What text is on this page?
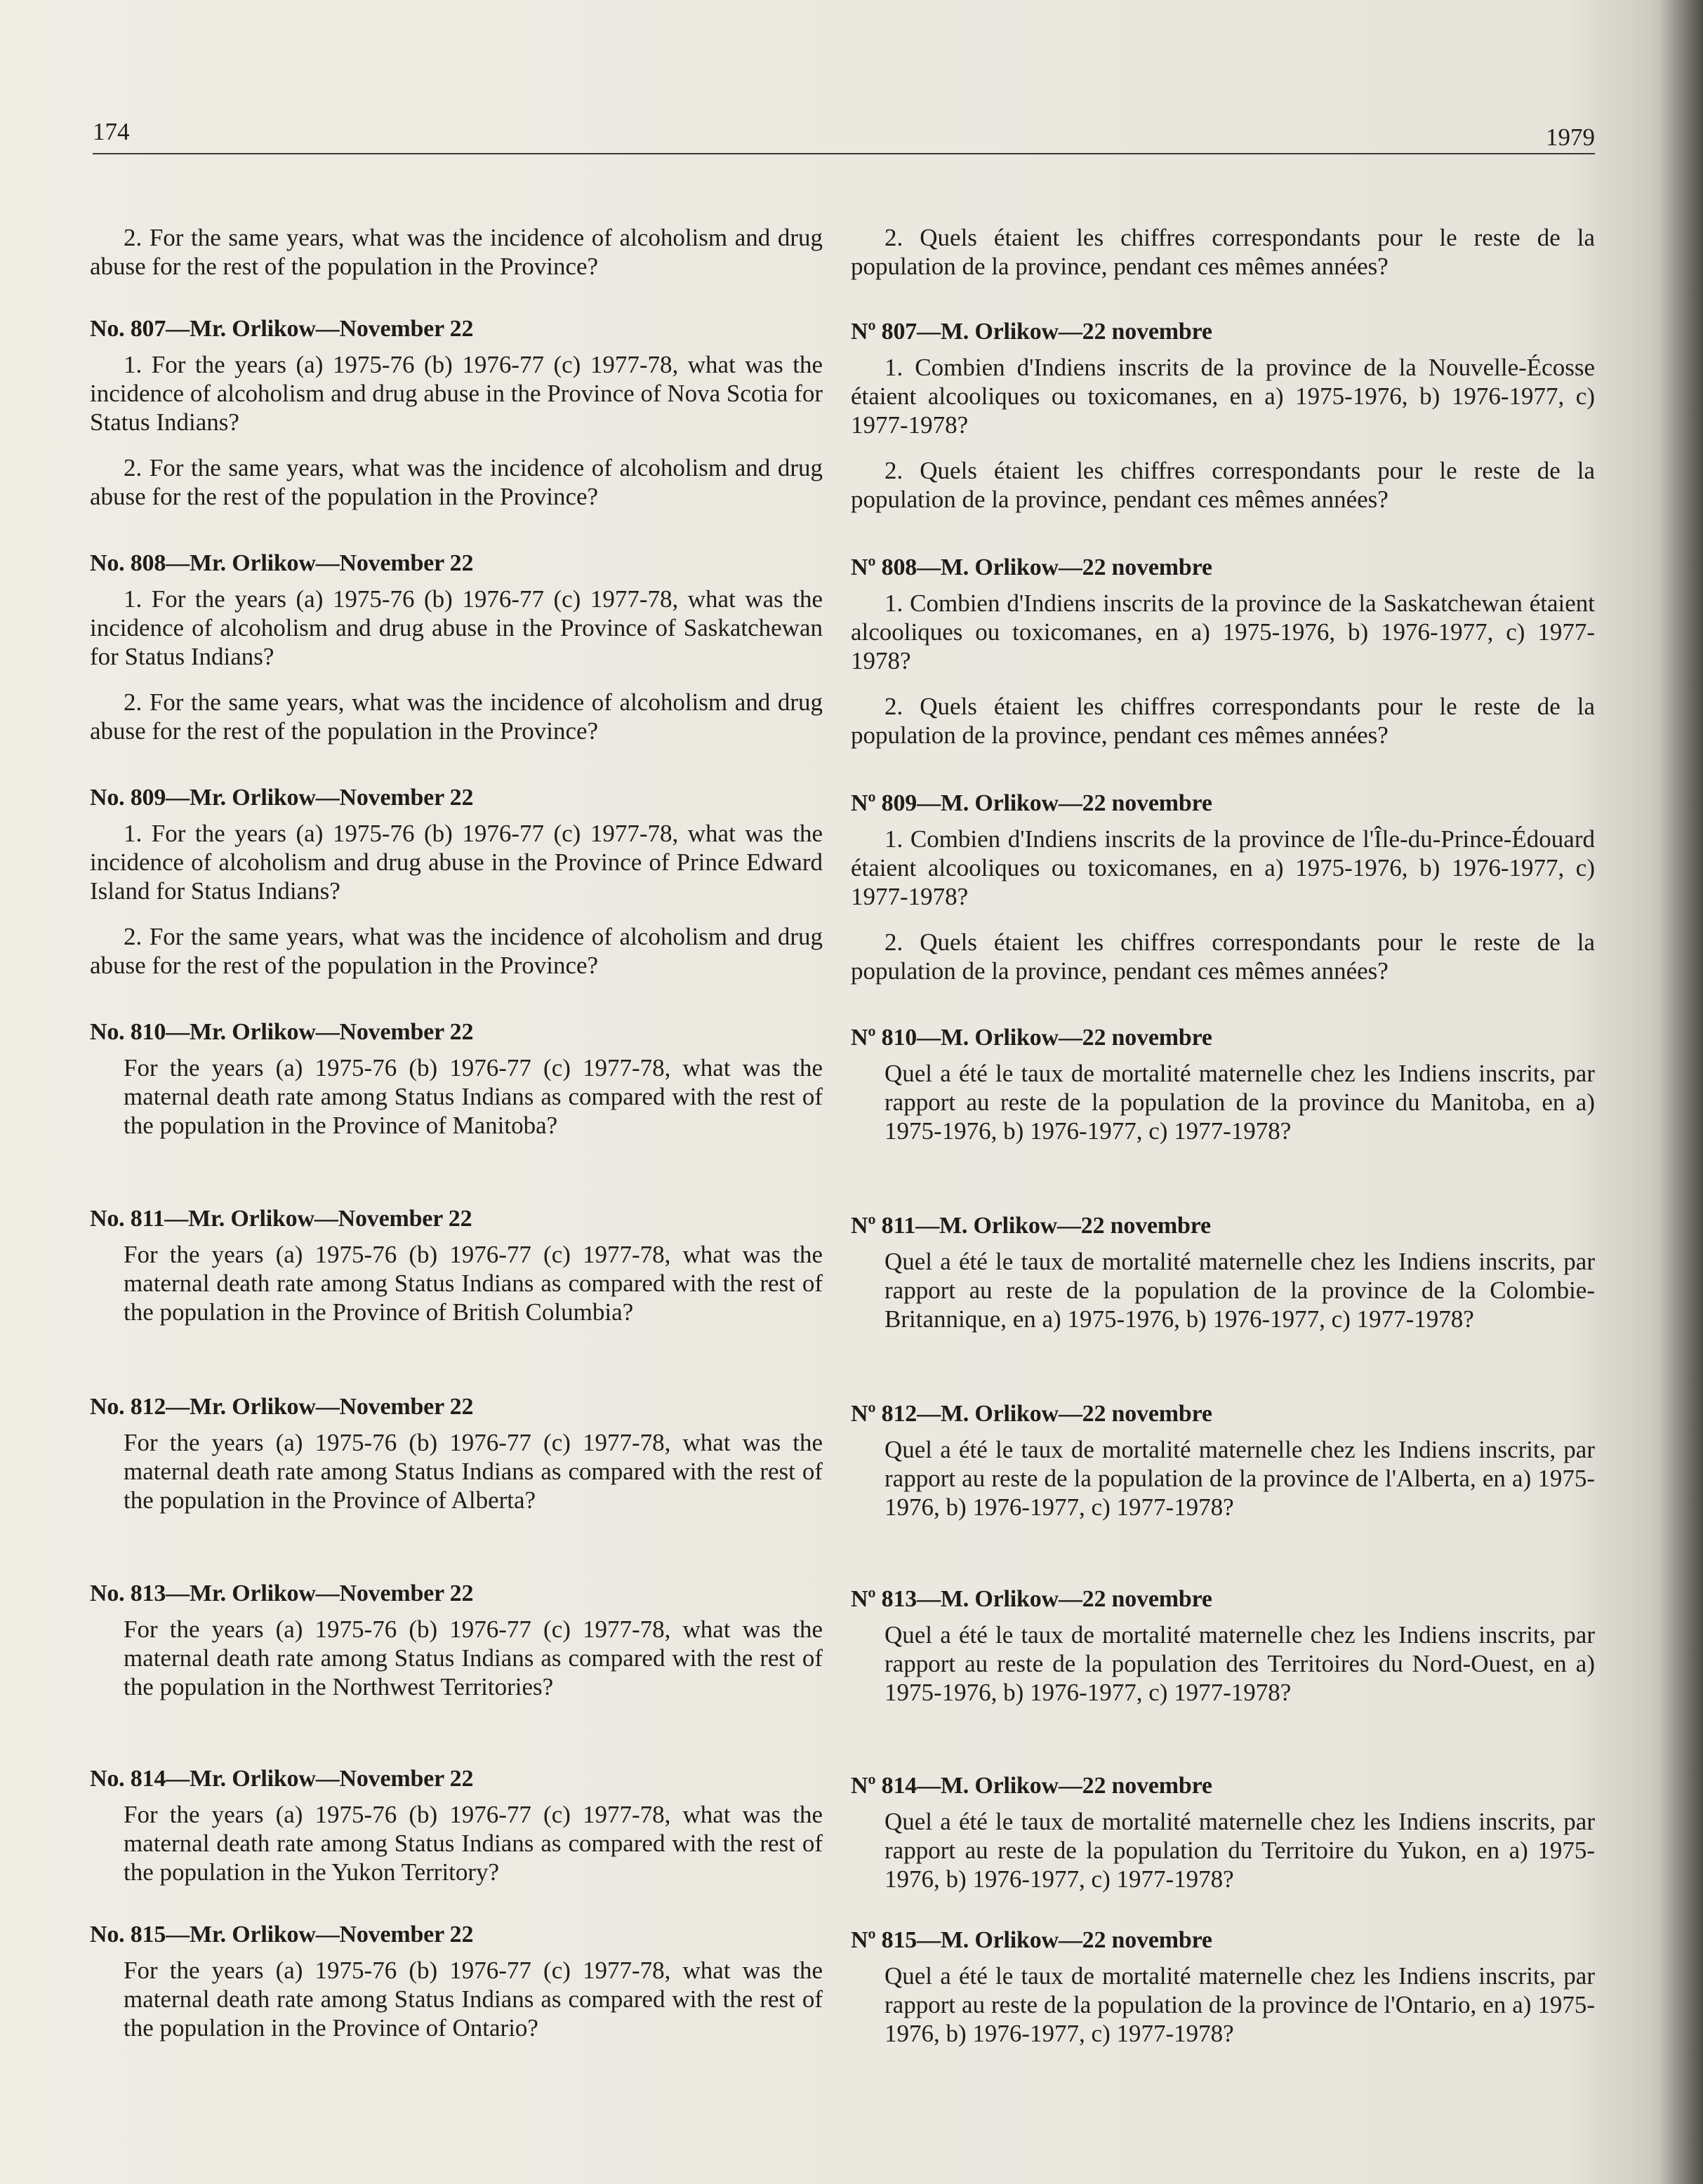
174	1979

2. For the same years, what was the incidence of alcoholism and drug abuse for the rest of the population in the Province?

No. 807—Mr. Orlikow—November 22

1. For the years (a) 1975-76 (b) 1976-77 (c) 1977-78, what was the incidence of alcoholism and drug abuse in the Province of Nova Scotia for Status Indians?

2. For the same years, what was the incidence of alcoholism and drug abuse for the rest of the population in the Province?

No. 808—Mr. Orlikow—November 22

1. For the years (a) 1975-76 (b) 1976-77 (c) 1977-78, what was the incidence of alcoholism and drug abuse in the Province of Saskatchewan for Status Indians?

2. For the same years, what was the incidence of alcoholism and drug abuse for the rest of the population in the Province?

No. 809—Mr. Orlikow—November 22

1. For the years (a) 1975-76 (b) 1976-77 (c) 1977-78, what was the incidence of alcoholism and drug abuse in the Province of Prince Edward Island for Status Indians?

2. For the same years, what was the incidence of alcoholism and drug abuse for the rest of the population in the Province?

No. 810—Mr. Orlikow—November 22

For the years (a) 1975-76 (b) 1976-77 (c) 1977-78, what was the maternal death rate among Status Indians as compared with the rest of the population in the Province of Manitoba?

No. 811—Mr. Orlikow—November 22

For the years (a) 1975-76 (b) 1976-77 (c) 1977-78, what was the maternal death rate among Status Indians as compared with the rest of the population in the Province of British Columbia?

No. 812—Mr. Orlikow—November 22

For the years (a) 1975-76 (b) 1976-77 (c) 1977-78, what was the maternal death rate among Status Indians as compared with the rest of the population in the Province of Alberta?

No. 813—Mr. Orlikow—November 22

For the years (a) 1975-76 (b) 1976-77 (c) 1977-78, what was the maternal death rate among Status Indians as compared with the rest of the population in the Northwest Territories?

No. 814—Mr. Orlikow—November 22

For the years (a) 1975-76 (b) 1976-77 (c) 1977-78, what was the maternal death rate among Status Indians as compared with the rest of the population in the Yukon Territory?

No. 815—Mr. Orlikow—November 22

For the years (a) 1975-76 (b) 1976-77 (c) 1977-78, what was the maternal death rate among Status Indians as compared with the rest of the population in the Province of Ontario?

2. Quels étaient les chiffres correspondants pour le reste de la population de la province, pendant ces mêmes années?

Nº 807—M. Orlikow—22 novembre

1. Combien d'Indiens inscrits de la province de la Nouvelle-Écosse étaient alcooliques ou toxicomanes, en a) 1975-1976, b) 1976-1977, c) 1977-1978?

2. Quels étaient les chiffres correspondants pour le reste de la population de la province, pendant ces mêmes années?

Nº 808—M. Orlikow—22 novembre

1. Combien d'Indiens inscrits de la province de la Saskatchewan étaient alcooliques ou toxicomanes, en a) 1975-1976, b) 1976-1977, c) 1977-1978?

2. Quels étaient les chiffres correspondants pour le reste de la population de la province, pendant ces mêmes années?

Nº 809—M. Orlikow—22 novembre

1. Combien d'Indiens inscrits de la province de l'Île-du-Prince-Édouard étaient alcooliques ou toxicomanes, en a) 1975-1976, b) 1976-1977, c) 1977-1978?

2. Quels étaient les chiffres correspondants pour le reste de la population de la province, pendant ces mêmes années?

Nº 810—M. Orlikow—22 novembre

Quel a été le taux de mortalité maternelle chez les Indiens inscrits, par rapport au reste de la population de la province du Manitoba, en a) 1975-1976, b) 1976-1977, c) 1977-1978?

Nº 811—M. Orlikow—22 novembre

Quel a été le taux de mortalité maternelle chez les Indiens inscrits, par rapport au reste de la population de la province de la Colombie-Britannique, en a) 1975-1976, b) 1976-1977, c) 1977-1978?

Nº 812—M. Orlikow—22 novembre

Quel a été le taux de mortalité maternelle chez les Indiens inscrits, par rapport au reste de la population de la province de l'Alberta, en a) 1975-1976, b) 1976-1977, c) 1977-1978?

Nº 813—M. Orlikow—22 novembre

Quel a été le taux de mortalité maternelle chez les Indiens inscrits, par rapport au reste de la population des Territoires du Nord-Ouest, en a) 1975-1976, b) 1976-1977, c) 1977-1978?

Nº 814—M. Orlikow—22 novembre

Quel a été le taux de mortalité maternelle chez les Indiens inscrits, par rapport au reste de la population du Territoire du Yukon, en a) 1975-1976, b) 1976-1977, c) 1977-1978?

Nº 815—M. Orlikow—22 novembre

Quel a été le taux de mortalité maternelle chez les Indiens inscrits, par rapport au reste de la population de la province de l'Ontario, en a) 1975-1976, b) 1976-1977, c) 1977-1978?
